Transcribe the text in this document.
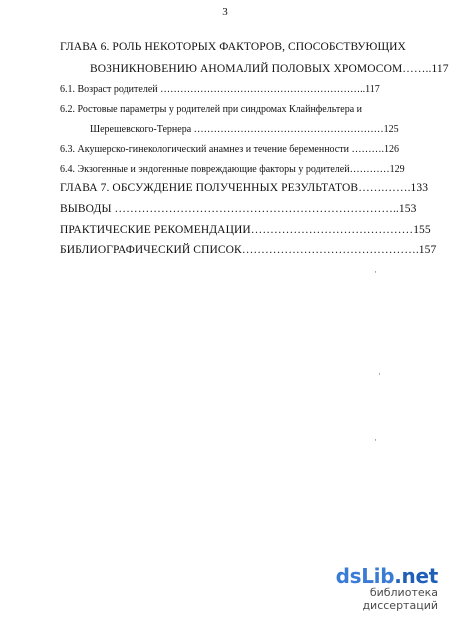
3
ГЛАВА 6. РОЛЬ НЕКОТОРЫХ ФАКТОРОВ, СПОСОБСТВУЮЩИХ
ВОЗНИКНОВЕНИЮ АНОМАЛИЙ ПОЛОВЫХ ХРОМОСОМ……..117
6.1. Возраст родителей ……………………………………………………..117
6.2. Ростовые параметры у родителей при синдромах Клайнфельтера и
Шерешевского-Тернера …………………………………………………125
6.3. Акушерско-гинекологический анамнез и течение беременности ……….126
6.4. Экзогенные и эндогенные повреждающие факторы у родителей…………129
ГЛАВА 7. ОБСУЖДЕНИЕ ПОЛУЧЕННЫХ РЕЗУЛЬТАТОВ…….…….133
ВЫВОДЫ ………………………………………………………………..153
ПРАКТИЧЕСКИЕ РЕКОМЕНДАЦИИ……………………………………155
БИБЛИОГРАФИЧЕСКИЙ СПИСОК……………………………………….157
·
·
·
dsLib.net
библиотека диссертаций
